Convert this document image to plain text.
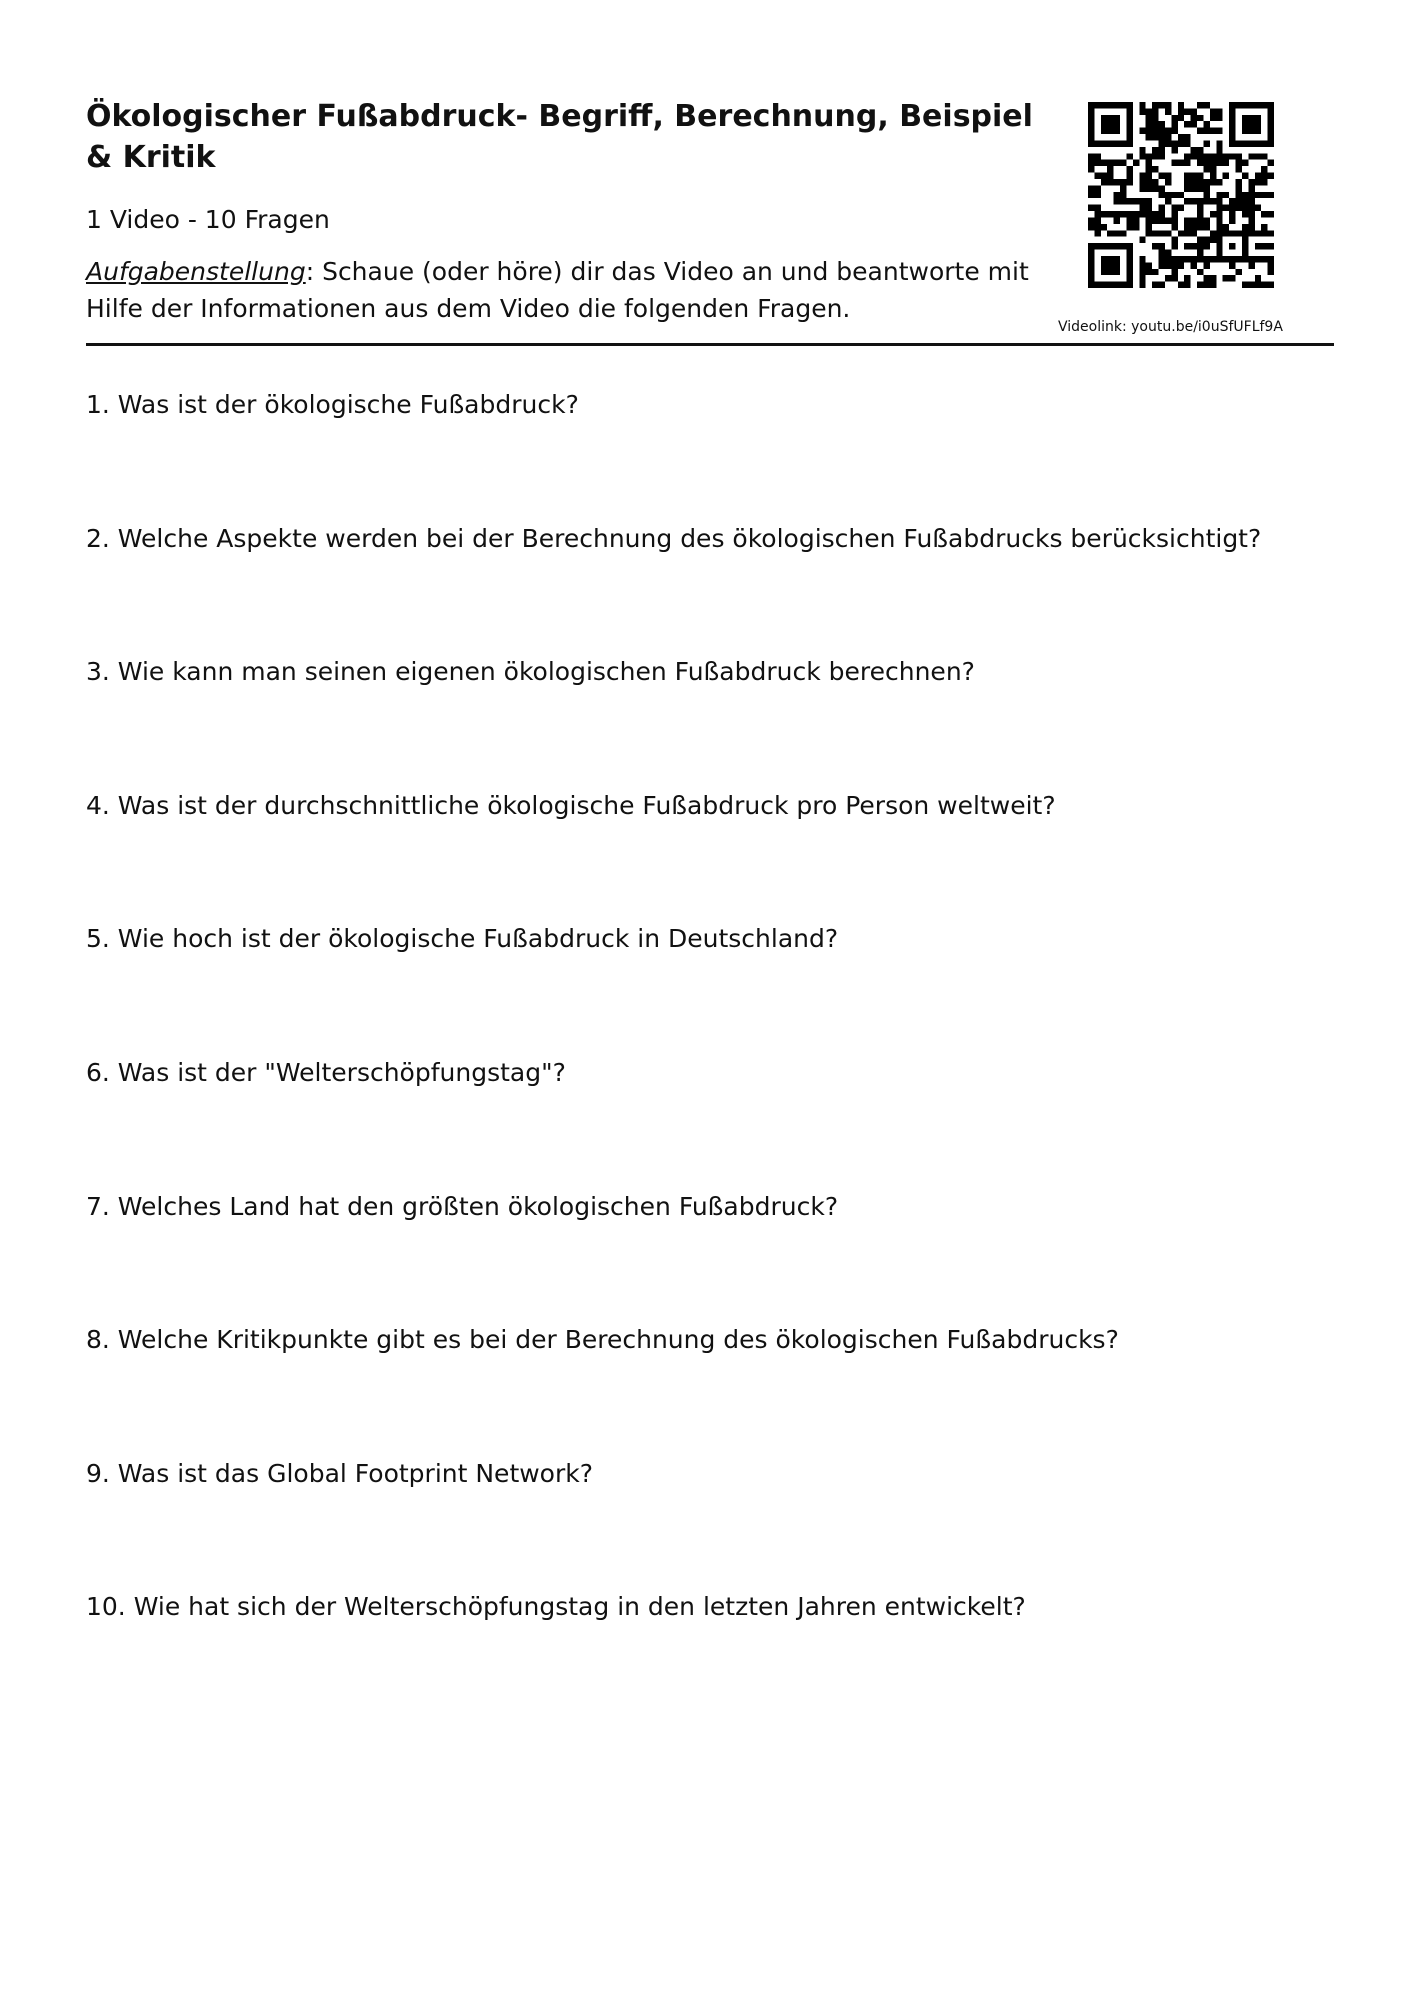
Ökologischer Fußabdruck- Begriff, Berechnung, Beispiel & Kritik

1 Video - 10 Fragen

Aufgabenstellung: Schaue (oder höre) dir das Video an und beantworte mit Hilfe der Informationen aus dem Video die folgenden Fragen.

Videolink: youtu.be/i0uSfUFLf9A

1. Was ist der ökologische Fußabdruck?

2. Welche Aspekte werden bei der Berechnung des ökologischen Fußabdrucks berücksichtigt?

3. Wie kann man seinen eigenen ökologischen Fußabdruck berechnen?

4. Was ist der durchschnittliche ökologische Fußabdruck pro Person weltweit?

5. Wie hoch ist der ökologische Fußabdruck in Deutschland?

6. Was ist der "Welterschöpfungstag"?

7. Welches Land hat den größten ökologischen Fußabdruck?

8. Welche Kritikpunkte gibt es bei der Berechnung des ökologischen Fußabdrucks?

9. Was ist das Global Footprint Network?

10. Wie hat sich der Welterschöpfungstag in den letzten Jahren entwickelt?
